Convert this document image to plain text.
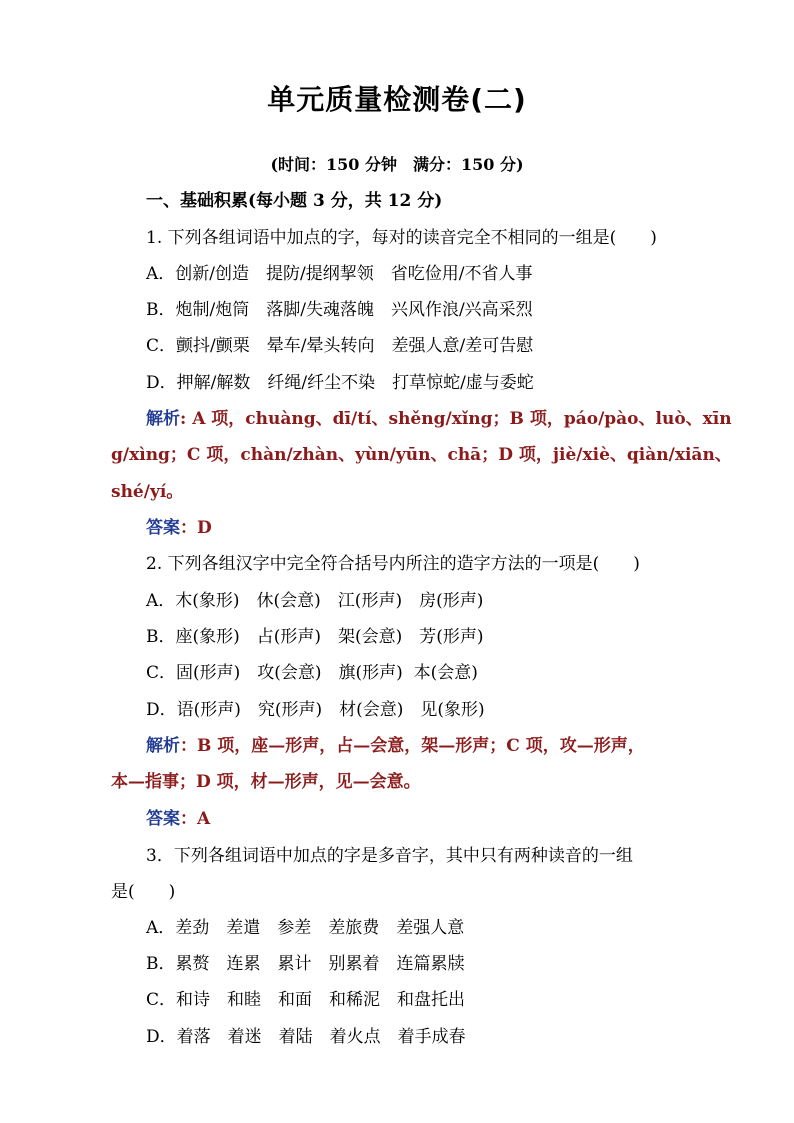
单元质量检测卷(二)
(时间：150 分钟　满分：150 分)
一、基础积累(每小题 3 分，共 12 分)
1. 下列各组词语中加点的字，每对的读音完全不相同的一组是(　　)
A．创新/创造　提防/提纲挈领　省吃俭用/不省人事
B．炮制/炮筒　落脚/失魂落魄　兴风作浪/兴高采烈
C．颤抖/颤栗　晕车/晕头转向　差强人意/差可告慰
D．押解/解数　纤绳/纤尘不染　打草惊蛇/虚与委蛇
解析: A 项，chuàng、dī/tí、shěng/xǐng；B 项，páo/pào、luò、xīn
g/xìng；C 项，chàn/zhàn、yùn/yūn、chā；D 项，jiè/xiè、qiàn/xiān、
shé/yí。
答案：D
2. 下列各组汉字中完全符合括号内所注的造字方法的一项是(　　)
A．木(象形)　休(会意)　江(形声)　房(形声)
B．座(象形)　占(形声)　架(会意)　芳(形声)
C．固(形声)　攻(会意)　旗(形声)  本(会意)
D．语(形声)　究(形声)　材(会意)　见(象形)
解析：B 项，座—形声，占—会意，架—形声；C 项，攻—形声，
本—指事；D 项，材—形声，见—会意。
答案：A
3．下列各组词语中加点的字是多音字，其中只有两种读音的一组
是(　　)
A．差劲　差遣　参差　差旅费　差强人意
B．累赘　连累　累计　别累着　连篇累牍
C．和诗　和睦　和面　和稀泥　和盘托出
D．着落　着迷　着陆　着火点　着手成春
